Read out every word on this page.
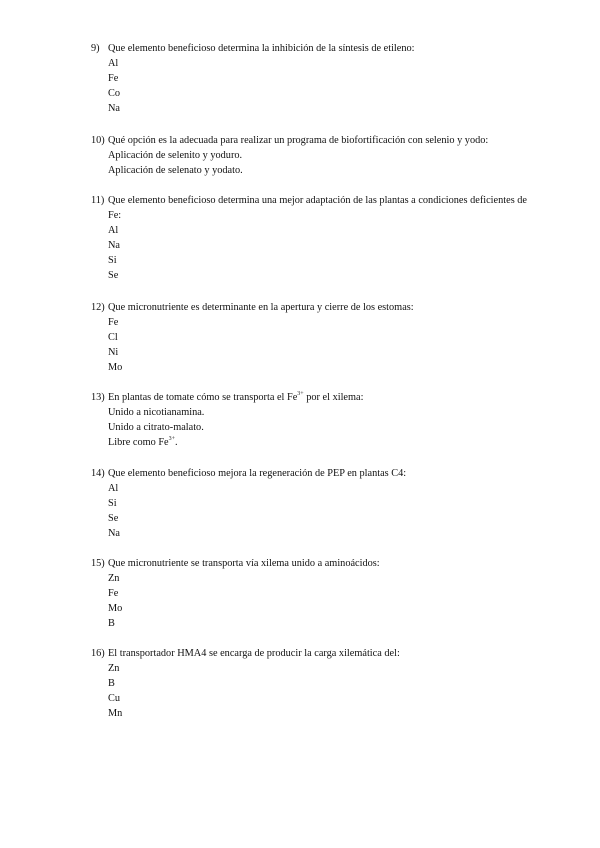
9) Que elemento beneficioso determina la inhibición de la síntesis de etileno:
Al
Fe
Co
Na
10) Qué opción es la adecuada para realizar un programa de biofortificación con selenio y yodo:
Aplicación de selenito y yoduro.
Aplicación de selenato y yodato.
11) Que elemento beneficioso determina una mejor adaptación de las plantas a condiciones deficientes de Fe:
Al
Na
Si
Se
12) Que micronutriente es determinante en la apertura y cierre de los estomas:
Fe
Cl
Ni
Mo
13) En plantas de tomate cómo se transporta el $Fe^{3+}$ por el xilema:
Unido a nicotianamina.
Unido a citrato-malato.
Libre como $Fe^{3+}$.
14) Que elemento beneficioso mejora la regeneración de PEP en plantas C4:
Al
Si
Se
Na
15) Que micronutriente se transporta vía xilema unido a aminoácidos:
Zn
Fe
Mo
B
16) El transportador HMA4 se encarga de producir la carga xilemática del:
Zn
B
Cu
Mn
